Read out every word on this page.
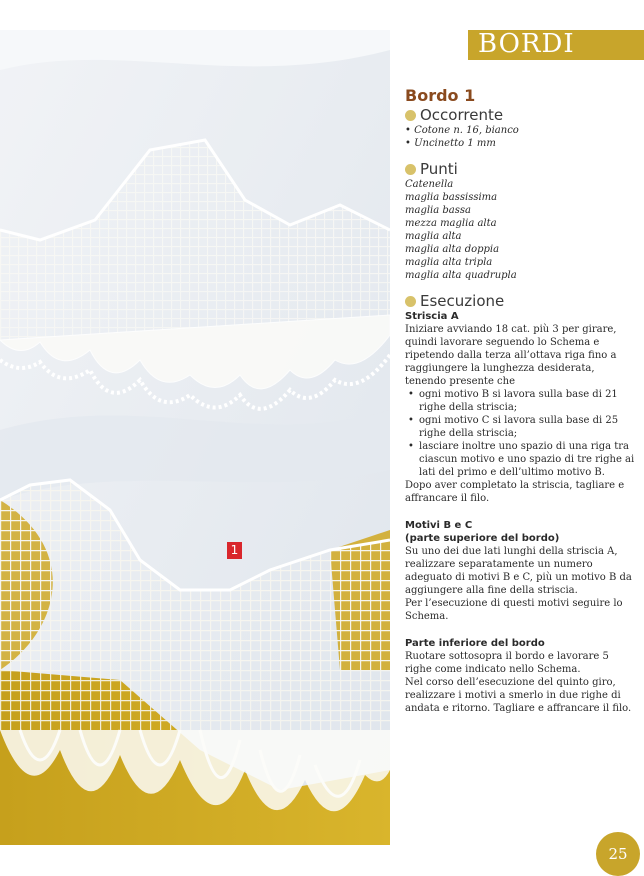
1
BORDI

Bordo 1

Occorrente

• Cotone n. 16, bianco
• Uncinetto 1 mm

Punti

Catenella
maglia bassissima
maglia bassa
mezza maglia alta
maglia alta
maglia alta doppia
maglia alta tripla
maglia alta quadrupla

Esecuzione

Striscia A

Iniziare avviando 18 cat. più 3 per girare, quindi lavorare seguendo lo Schema e ripetendo dalla terza all’ottava riga fino a raggiungere la lunghezza desiderata, tenendo presente che

• ogni motivo B si lavora sulla base di 21 righe della striscia;
• ogni motivo C si lavora sulla base di 25 righe della striscia;
• lasciare inoltre uno spazio di una riga tra ciascun motivo e uno spazio di tre righe ai lati del primo e dell’ultimo motivo B.

Dopo aver completato la striscia, tagliare e affrancare il filo.

Motivi B e C

(parte superiore del bordo)

Su uno dei due lati lunghi della striscia A, realizzare separatamente un numero adeguato di motivi B e C, più un motivo B da aggiungere alla fine della striscia.

Per l’esecuzione di questi motivi seguire lo Schema.

Parte inferiore del bordo

Ruotare sottosopra il bordo e lavorare 5 righe come indicato nello Schema.

Nel corso dell’esecuzione del quinto giro, realizzare i motivi a smerlo in due righe di andata e ritorno. Tagliare e affrancare il filo.

25
